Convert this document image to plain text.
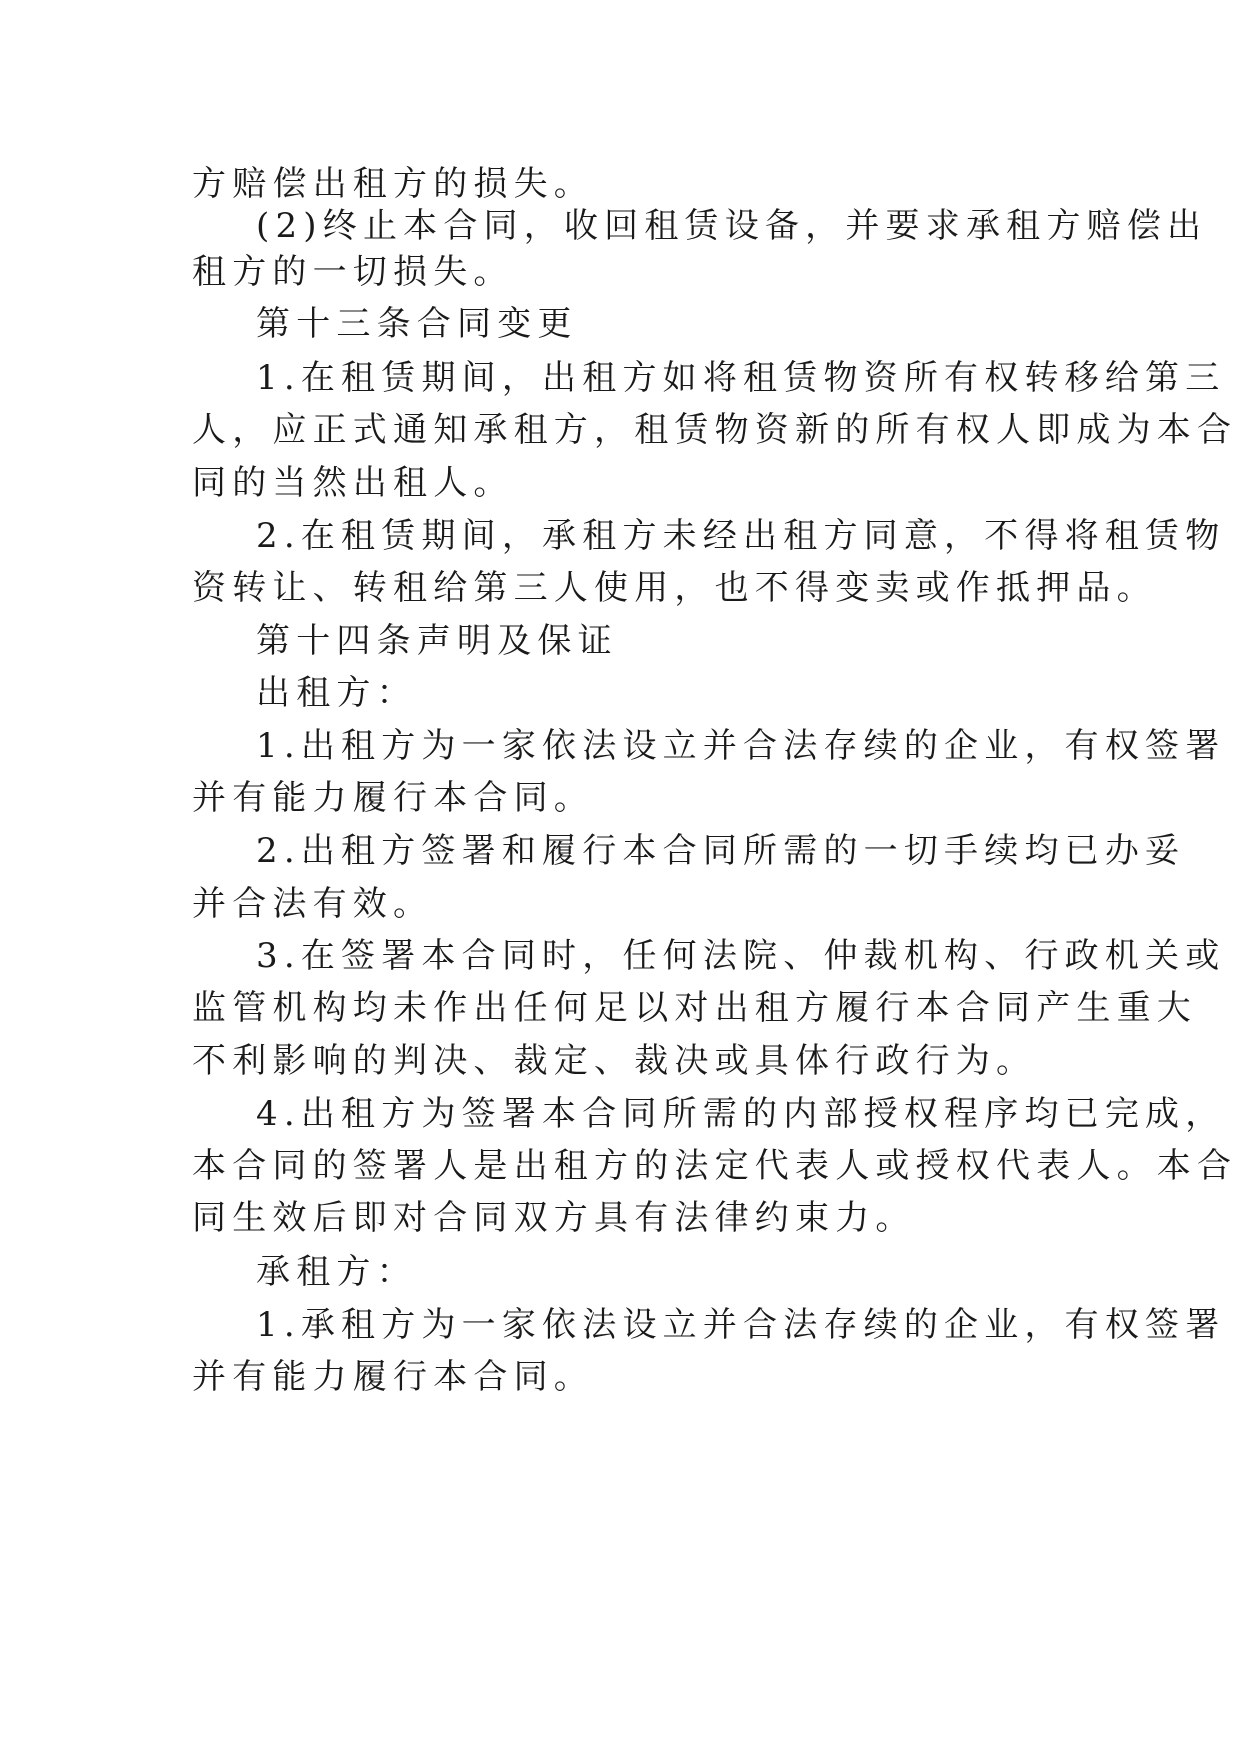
方赔偿出租方的损失。
(2)终止本合同，收回租赁设备，并要求承租方赔偿出
租方的一切损失。
第十三条合同变更
1.在租赁期间，出租方如将租赁物资所有权转移给第三
人，应正式通知承租方，租赁物资新的所有权人即成为本合
同的当然出租人。
2.在租赁期间，承租方未经出租方同意，不得将租赁物
资转让、转租给第三人使用，也不得变卖或作抵押品。
第十四条声明及保证
出租方：
1.出租方为一家依法设立并合法存续的企业，有权签署
并有能力履行本合同。
2.出租方签署和履行本合同所需的一切手续均已办妥
并合法有效。
3.在签署本合同时，任何法院、仲裁机构、行政机关或
监管机构均未作出任何足以对出租方履行本合同产生重大
不利影响的判决、裁定、裁决或具体行政行为。
4.出租方为签署本合同所需的内部授权程序均已完成，
本合同的签署人是出租方的法定代表人或授权代表人。本合
同生效后即对合同双方具有法律约束力。
承租方：
1.承租方为一家依法设立并合法存续的企业，有权签署
并有能力履行本合同。
